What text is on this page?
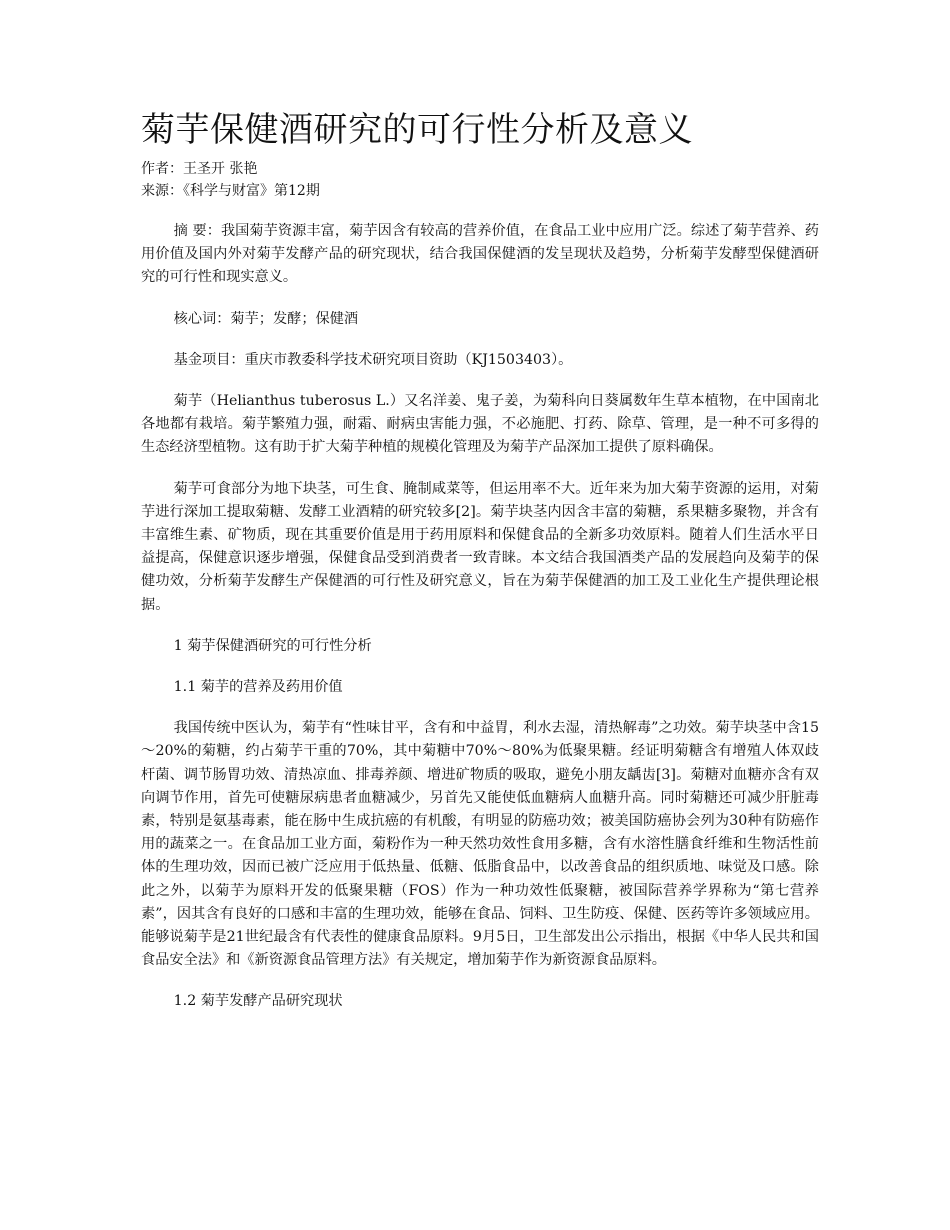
菊芋保健酒研究的可行性分析及意义

作者：王圣开 张艳

来源：《科学与财富》第12期

摘 要：我国菊芋资源丰富，菊芋因含有较高的营养价值，在食品工业中应用广泛。综述了菊芋营养、药用价值及国内外对菊芋发酵产品的研究现状，结合我国保健酒的发呈现状及趋势，分析菊芋发酵型保健酒研究的可行性和现实意义。

核心词：菊芋；发酵；保健酒

基金项目：重庆市教委科学技术研究项目资助（KJ1503403）。

菊芋（Helianthus tuberosus L.）又名洋姜、鬼子姜，为菊科向日葵属数年生草本植物，在中国南北各地都有栽培。菊芋繁殖力强，耐霜、耐病虫害能力强，不必施肥、打药、除草、管理，是一种不可多得的生态经济型植物。这有助于扩大菊芋种植的规模化管理及为菊芋产品深加工提供了原料确保。

菊芋可食部分为地下块茎，可生食、腌制咸菜等，但运用率不大。近年来为加大菊芋资源的运用，对菊芋进行深加工提取菊糖、发酵工业酒精的研究较多[2]。菊芋块茎内因含丰富的菊糖，系果糖多聚物，并含有丰富维生素、矿物质，现在其重要价值是用于药用原料和保健食品的全新多功效原料。随着人们生活水平日益提高，保健意识逐步增强，保健食品受到消费者一致青睐。本文结合我国酒类产品的发展趋向及菊芋的保健功效，分析菊芋发酵生产保健酒的可行性及研究意义，旨在为菊芋保健酒的加工及工业化生产提供理论根据。

1 菊芋保健酒研究的可行性分析

1.1 菊芋的营养及药用价值

我国传统中医认为，菊芋有“性味甘平，含有和中益胃，利水去湿，清热解毒”之功效。菊芋块茎中含15～20%的菊糖，约占菊芋干重的70%，其中菊糖中70%～80%为低聚果糖。经证明菊糖含有增殖人体双歧杆菌、调节肠胃功效、清热凉血、排毒养颜、增进矿物质的吸取，避免小朋友龋齿[3]。菊糖对血糖亦含有双向调节作用，首先可使糖尿病患者血糖减少，另首先又能使低血糖病人血糖升高。同时菊糖还可减少肝脏毒素，特别是氨基毒素，能在肠中生成抗癌的有机酸，有明显的防癌功效；被美国防癌协会列为30种有防癌作用的蔬菜之一。在食品加工业方面，菊粉作为一种天然功效性食用多糖，含有水溶性膳食纤维和生物活性前体的生理功效，因而已被广泛应用于低热量、低糖、低脂食品中，以改善食品的组织质地、味觉及口感。除此之外，以菊芋为原料开发的低聚果糖（FOS）作为一种功效性低聚糖，被国际营养学界称为“第七营养素”，因其含有良好的口感和丰富的生理功效，能够在食品、饲料、卫生防疫、保健、医药等许多领域应用。能够说菊芋是21世纪最含有代表性的健康食品原料。9月5日，卫生部发出公示指出，根据《中华人民共和国食品安全法》和《新资源食品管理方法》有关规定，增加菊芋作为新资源食品原料。

1.2 菊芋发酵产品研究现状
